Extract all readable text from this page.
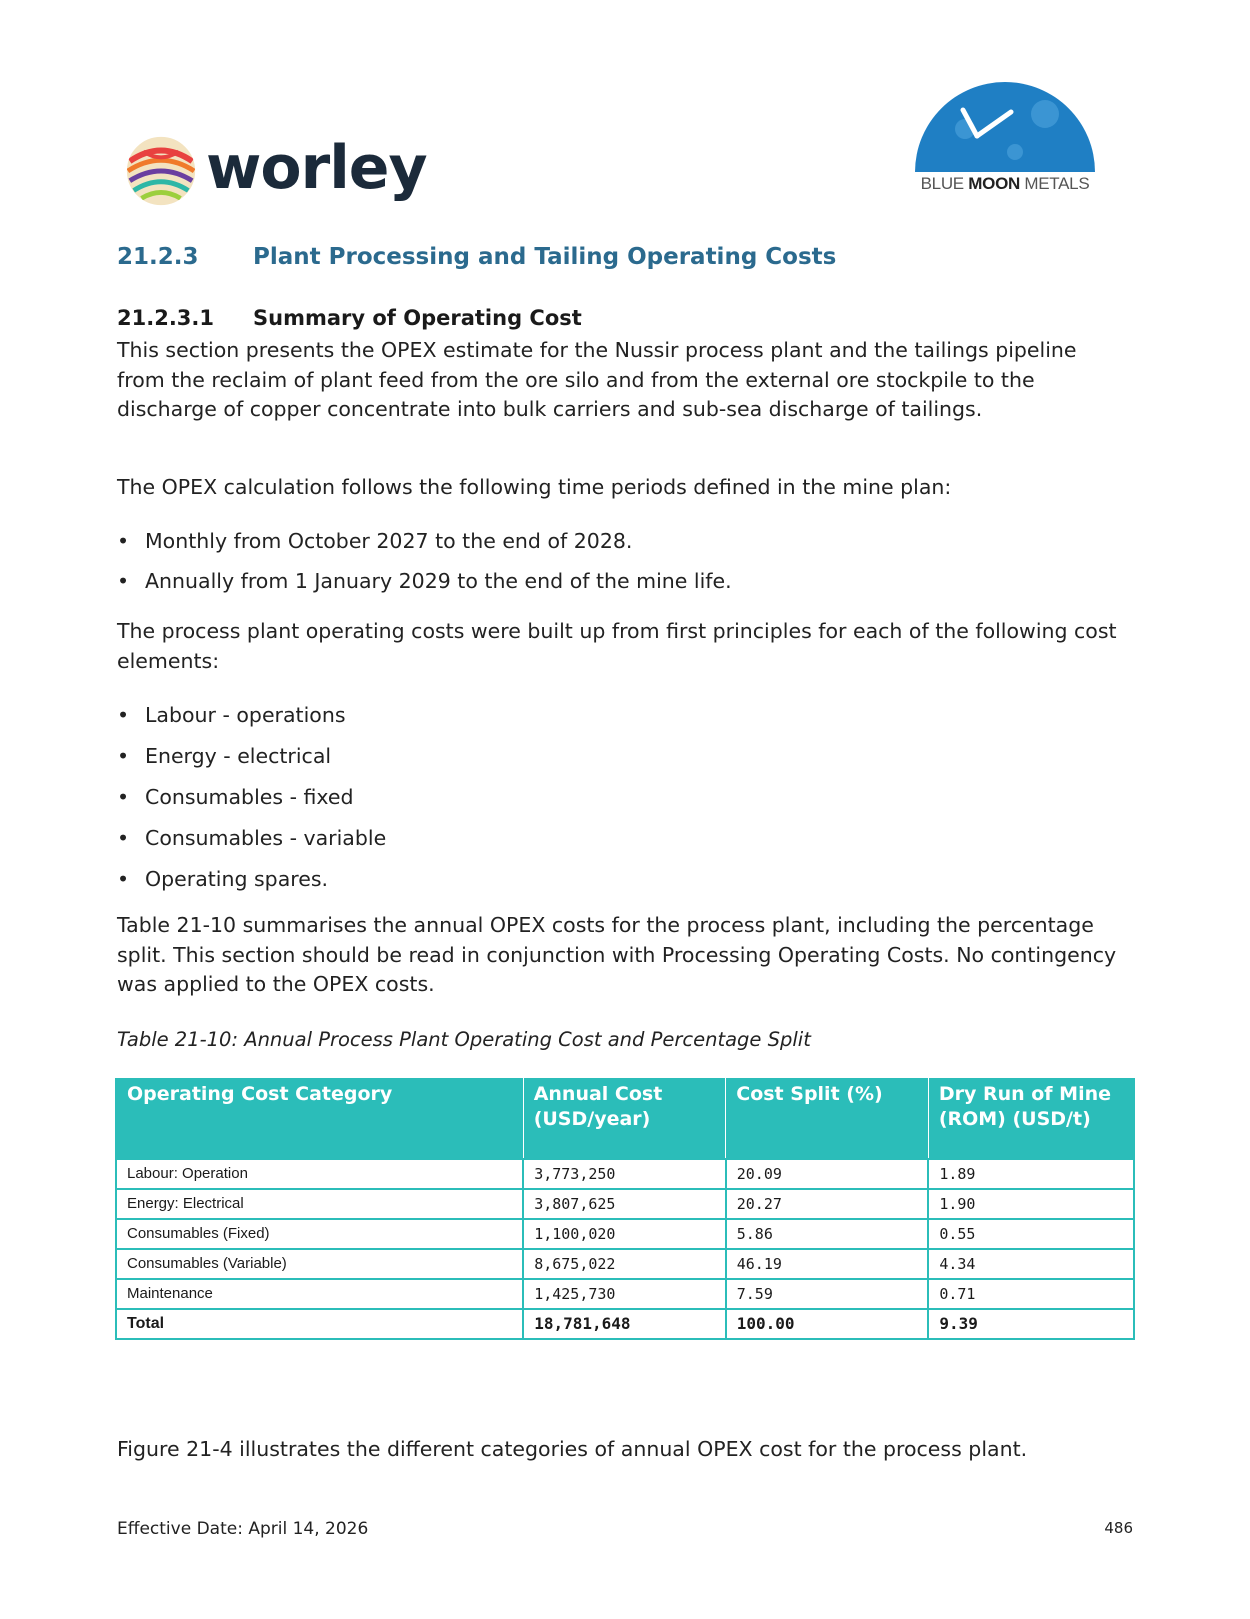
worley	BLUE MOON METALS
21.2.3 Plant Processing and Tailing Operating Costs
21.2.3.1 Summary of Operating Cost

This section presents the OPEX estimate for the Nussir process plant and the tailings pipeline from the reclaim of plant feed from the ore silo and from the external ore stockpile to the discharge of copper concentrate into bulk carriers and sub-sea discharge of tailings.

The OPEX calculation follows the following time periods defined in the mine plan:

• Monthly from October 2027 to the end of 2028.
• Annually from 1 January 2029 to the end of the mine life.

The process plant operating costs were built up from first principles for each of the following cost elements:

• Labour - operations
• Energy - electrical
• Consumables - fixed
• Consumables - variable
• Operating spares.

Table 21-10 summarises the annual OPEX costs for the process plant, including the percentage split. This section should be read in conjunction with Processing Operating Costs. No contingency was applied to the OPEX costs.

Table 21-10: Annual Process Plant Operating Cost and Percentage Split
Operating Cost Category	Annual Cost (USD/year)	Cost Split (%)	Dry Run of Mine (ROM) (USD/t)
Labour: Operation	3,773,250	20.09	1.89
Energy: Electrical	3,807,625	20.27	1.90
Consumables (Fixed)	1,100,020	5.86	0.55
Consumables (Variable)	8,675,022	46.19	4.34
Maintenance	1,425,730	7.59	0.71
Total	18,781,648	100.00	9.39
Figure 21-4 illustrates the different categories of annual OPEX cost for the process plant.
Effective Date: April 14, 2026	486
